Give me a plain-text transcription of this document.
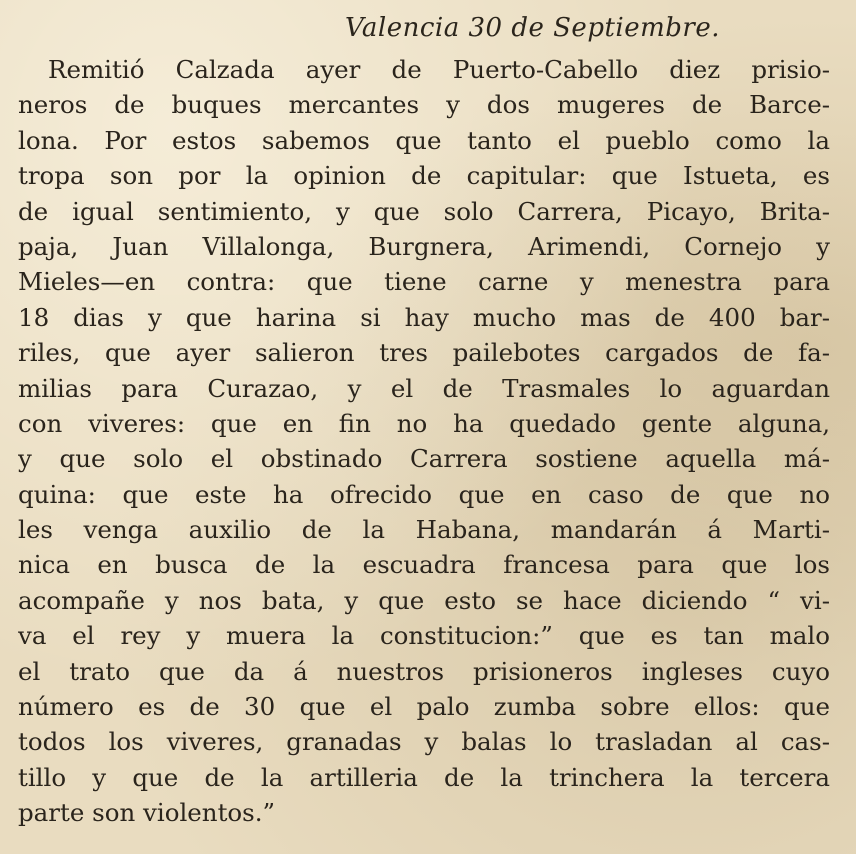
Valencia 30 de Septiembre.
Remitió Calzada ayer de Puerto-Cabello diez prisio-
neros de buques mercantes y dos mugeres de Barce-
lona. Por estos sabemos que tanto el pueblo como la
tropa son por la opinion de capitular: que Istueta, es
de igual sentimiento, y que solo Carrera, Picayo, Brita-
paja, Juan Villalonga, Burgnera, Arimendi, Cornejo y
Mieles—en contra: que tiene carne y menestra para
18 dias y que harina si hay mucho mas de 400 bar-
riles, que ayer salieron tres pailebotes cargados de fa-
milias para Curazao, y el de Trasmales lo aguardan
con viveres: que en fin no ha quedado gente alguna,
y que solo el obstinado Carrera sostiene aquella má-
quina: que este ha ofrecido que en caso de que no
les venga auxilio de la Habana, mandarán á Marti-
nica en busca de la escuadra francesa para que los
acompañe y nos bata, y que esto se hace diciendo “ vi-
va el rey y muera la constitucion:” que es tan malo
el trato que da á nuestros prisioneros ingleses cuyo
número es de 30 que el palo zumba sobre ellos: que
todos los viveres, granadas y balas lo trasladan al cas-
tillo y que de la artilleria de la trinchera la tercera
parte son violentos.”
